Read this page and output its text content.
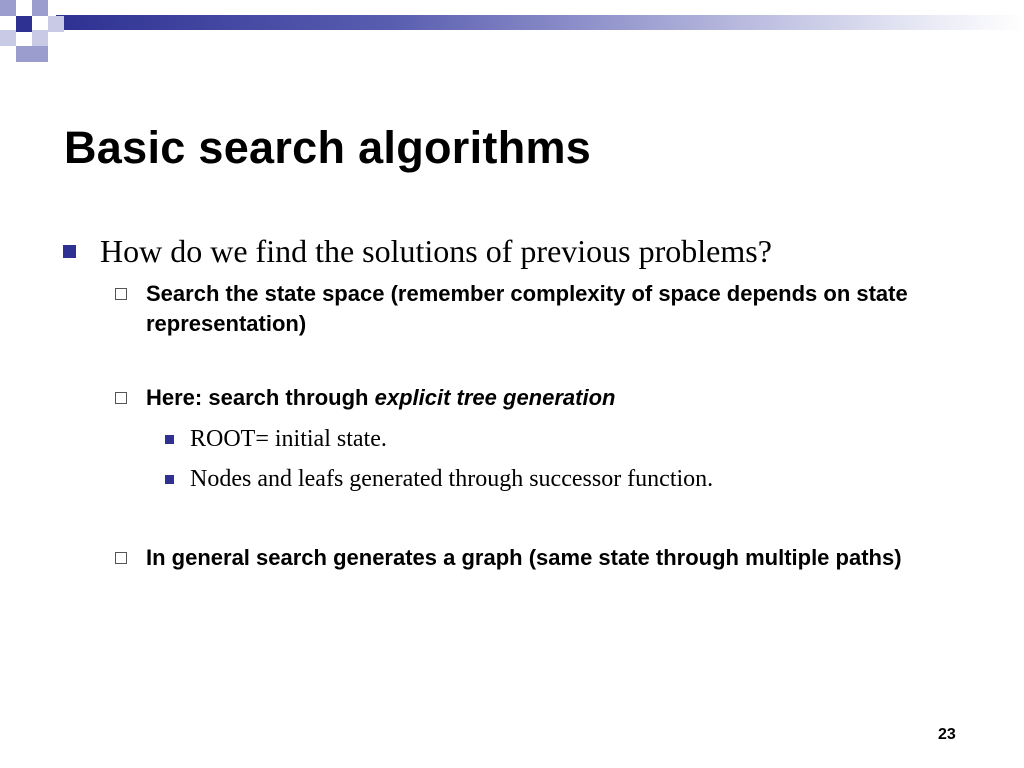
Basic search algorithms
How do we find the solutions of previous problems?
Search the state space (remember complexity of space depends on state representation)
Here: search through explicit tree generation
ROOT= initial state.
Nodes and leafs generated through successor function.
In general search generates a graph (same state through multiple paths)
23
